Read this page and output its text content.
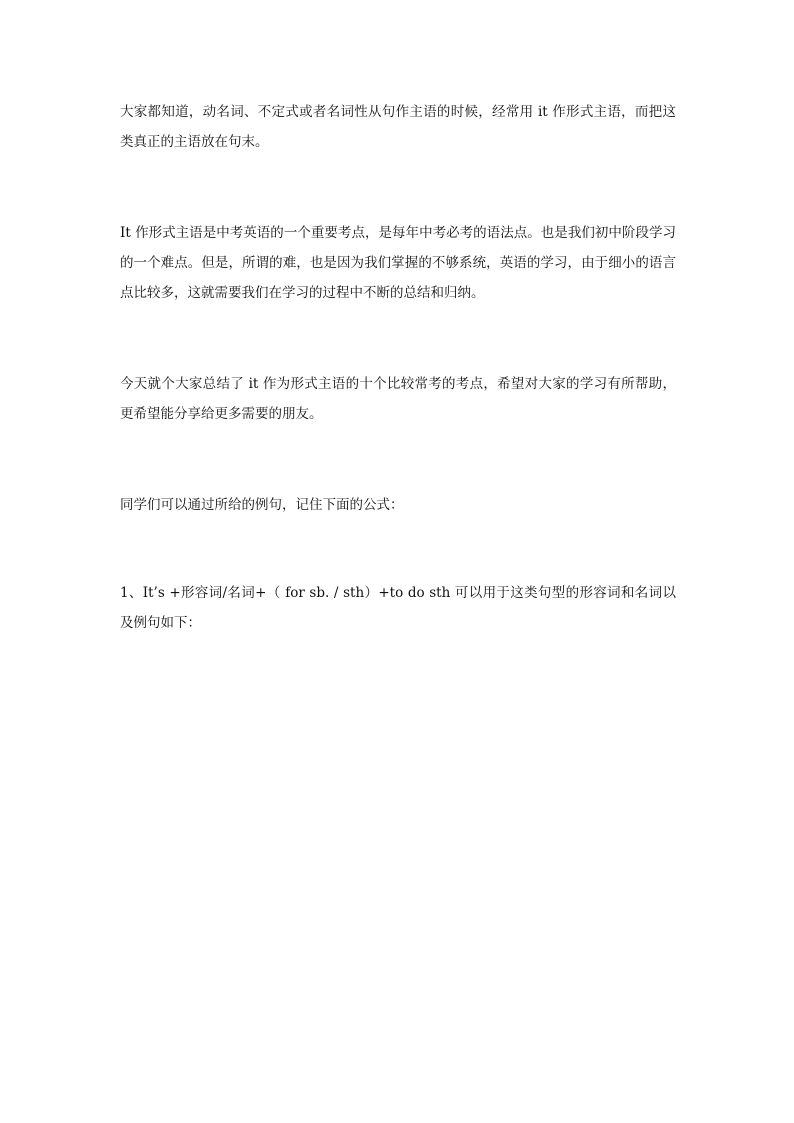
大家都知道，动名词、不定式或者名词性从句作主语的时候，经常用 it 作形式主语，而把这类真正的主语放在句末。

It 作形式主语是中考英语的一个重要考点，是每年中考必考的语法点。也是我们初中阶段学习的一个难点。但是，所谓的难，也是因为我们掌握的不够系统，英语的学习，由于细小的语言点比较多，这就需要我们在学习的过程中不断的总结和归纳。

今天就个大家总结了 it 作为形式主语的十个比较常考的考点，希望对大家的学习有所帮助，更希望能分享给更多需要的朋友。

同学们可以通过所给的例句，记住下面的公式：

1、It’s +形容词/名词+（ for sb. / sth）+to do sth 可以用于这类句型的形容词和名词以及例句如下：
